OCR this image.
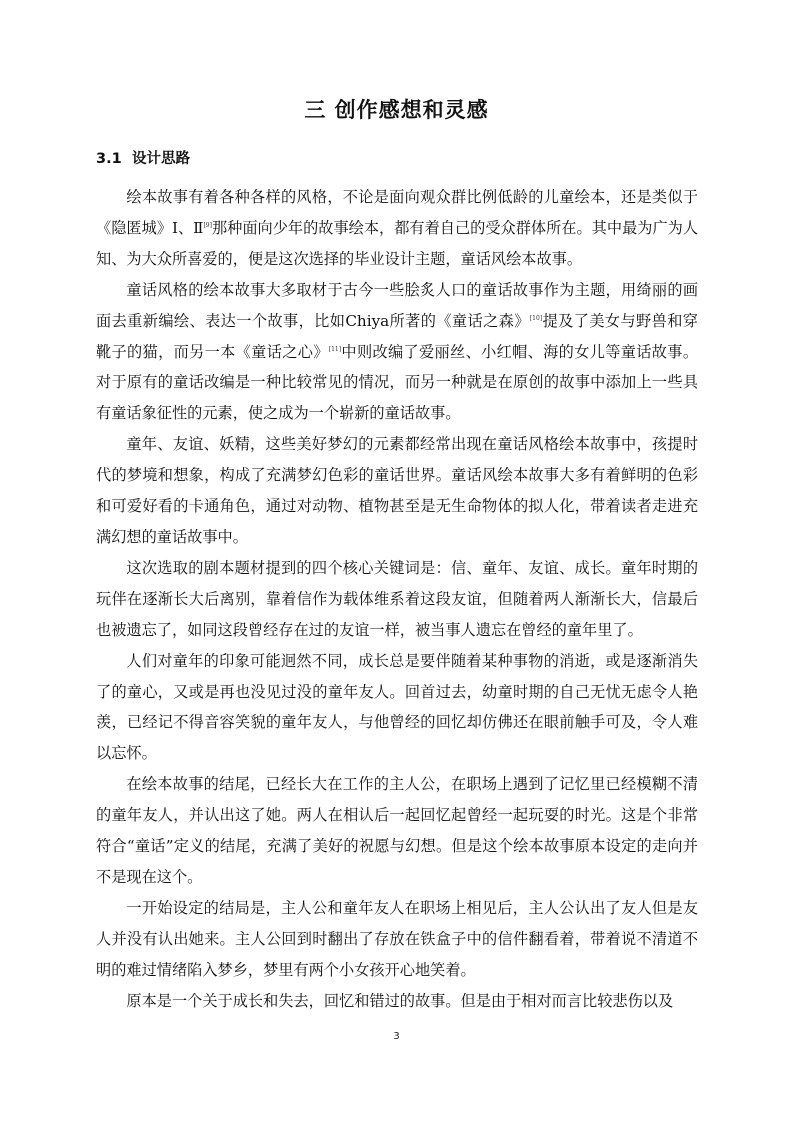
三 创作感想和灵感
3.1 设计思路

绘本故事有着各种各样的风格，不论是面向观众群比例低龄的儿童绘本，还是类似于《隐匿城》Ⅰ、Ⅱ[9]那种面向少年的故事绘本，都有着自己的受众群体所在。其中最为广为人知、为大众所喜爱的，便是这次选择的毕业设计主题，童话风绘本故事。

童话风格的绘本故事大多取材于古今一些脍炙人口的童话故事作为主题，用绮丽的画面去重新编绘、表达一个故事，比如Chiya所著的《童话之森》[10]提及了美女与野兽和穿靴子的猫，而另一本《童话之心》[11]中则改编了爱丽丝、小红帽、海的女儿等童话故事。对于原有的童话改编是一种比较常见的情况，而另一种就是在原创的故事中添加上一些具有童话象征性的元素，使之成为一个崭新的童话故事。

童年、友谊、妖精，这些美好梦幻的元素都经常出现在童话风格绘本故事中，孩提时代的梦境和想象，构成了充满梦幻色彩的童话世界。童话风绘本故事大多有着鲜明的色彩和可爱好看的卡通角色，通过对动物、植物甚至是无生命物体的拟人化，带着读者走进充满幻想的童话故事中。

这次选取的剧本题材提到的四个核心关键词是：信、童年、友谊、成长。童年时期的玩伴在逐渐长大后离别，靠着信作为载体维系着这段友谊，但随着两人渐渐长大，信最后也被遗忘了，如同这段曾经存在过的友谊一样，被当事人遗忘在曾经的童年里了。

人们对童年的印象可能迥然不同，成长总是要伴随着某种事物的消逝，或是逐渐消失了的童心，又或是再也没见过没的童年友人。回首过去，幼童时期的自己无忧无虑令人艳羡，已经记不得音容笑貌的童年友人，与他曾经的回忆却仿佛还在眼前触手可及，令人难以忘怀。

在绘本故事的结尾，已经长大在工作的主人公，在职场上遇到了记忆里已经模糊不清的童年友人，并认出这了她。两人在相认后一起回忆起曾经一起玩耍的时光。这是个非常符合“童话”定义的结尾，充满了美好的祝愿与幻想。但是这个绘本故事原本设定的走向并不是现在这个。

一开始设定的结局是，主人公和童年友人在职场上相见后，主人公认出了友人但是友人并没有认出她来。主人公回到时翻出了存放在铁盒子中的信件翻看着，带着说不清道不明的难过情绪陷入梦乡，梦里有两个小女孩开心地笑着。

原本是一个关于成长和失去，回忆和错过的故事。但是由于相对而言比较悲伤以及

3
